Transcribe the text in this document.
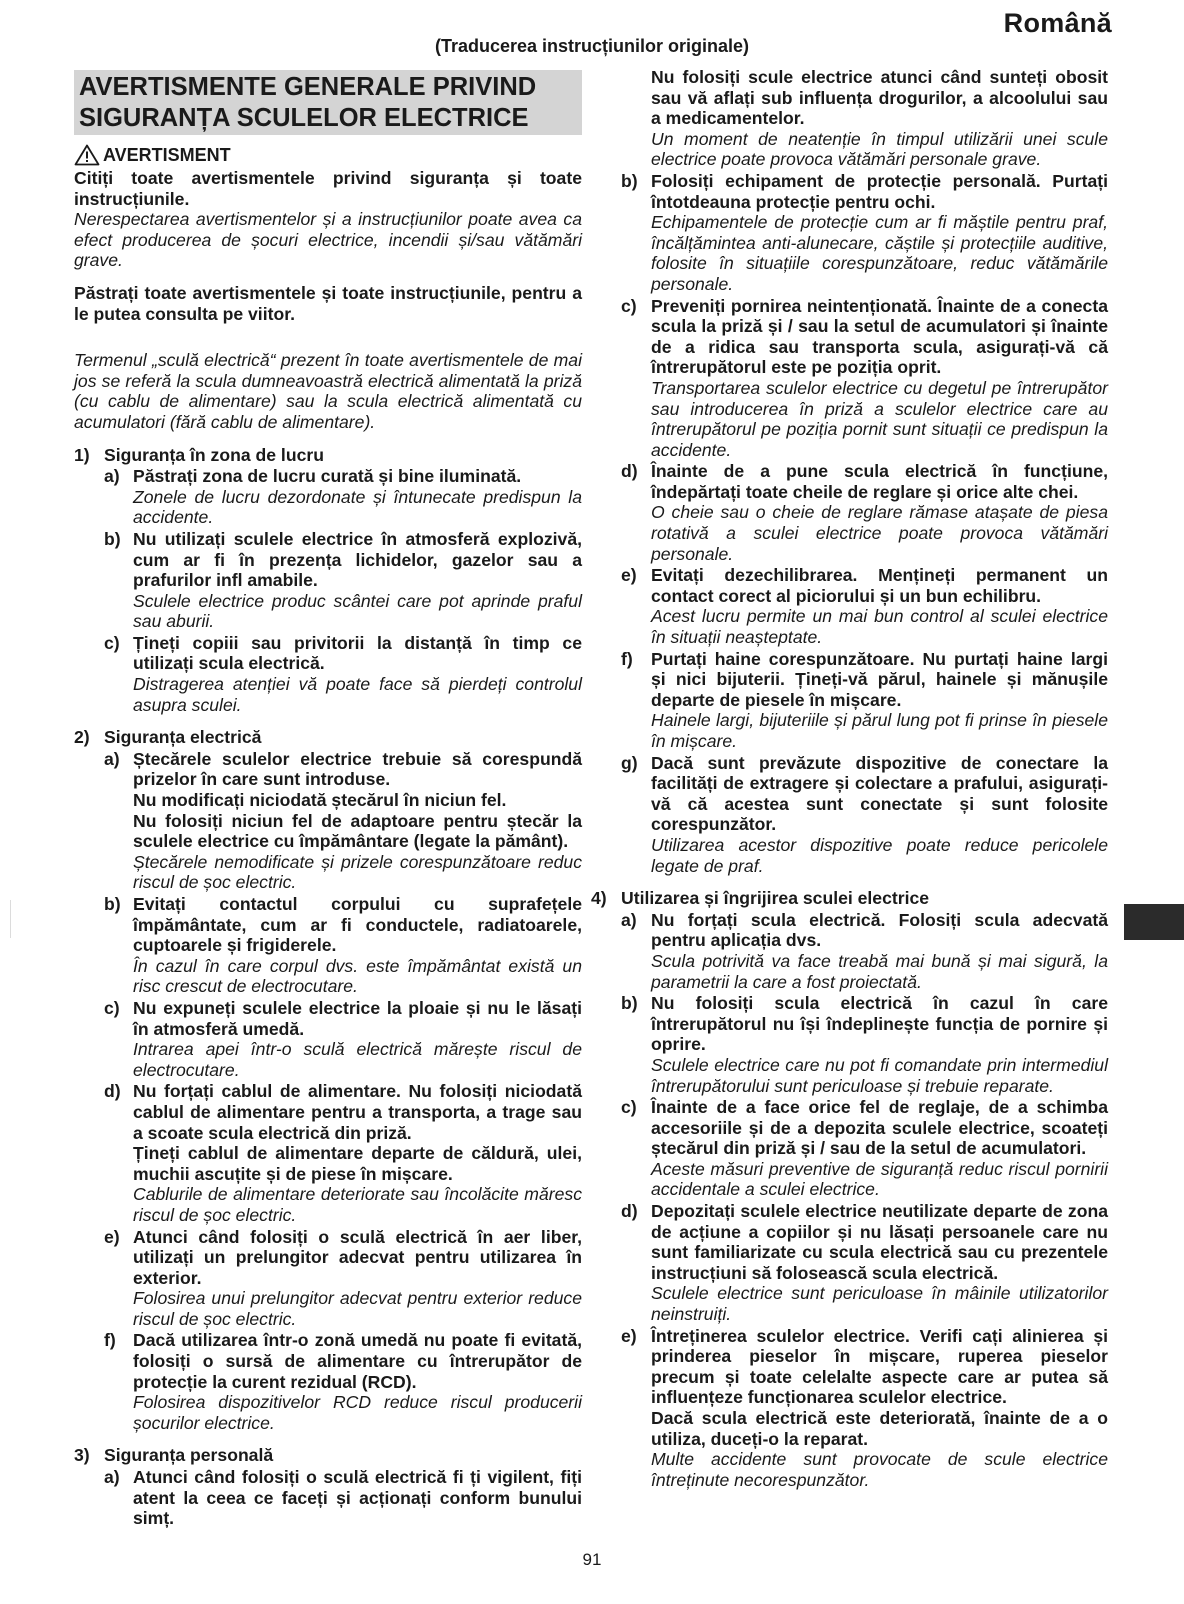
Română
(Traducerea instrucțiunilor originale)
AVERTISMENTE GENERALE PRIVIND
SIGURANȚA SCULELOR ELECTRICE
AVERTISMENT

Citiți toate avertismentele privind siguranța și toate instrucțiunile.

Nerespectarea avertismentelor și a instrucțiunilor poate avea ca efect producerea de șocuri electrice, incendii și/sau vătămări grave.

Păstrați toate avertismentele și toate instrucțiunile, pentru a le putea consulta pe viitor.

Termenul „sculă electrică“ prezent în toate avertismentele de mai jos se referă la scula dumneavoastră electrică alimentată la priză (cu cablu de alimentare) sau la scula electrică alimentată cu acumulatori (fără cablu de alimentare).

1) Siguranța în zona de lucru
a) Păstrați zona de lucru curată și bine iluminată.

Zonele de lucru dezordonate și întunecate predispun la accidente.

b) Nu utilizați sculele electrice în atmosferă explozivă, cum ar fi în prezența lichidelor, gazelor sau a prafurilor infl amabile.

Sculele electrice produc scântei care pot aprinde praful sau aburii.

c) Țineți copiii sau privitorii la distanță în timp ce utilizați scula electrică.

Distragerea atenției vă poate face să pierdeți controlul asupra sculei.

2) Siguranța electrică
a) Ștecărele sculelor electrice trebuie să corespundă prizelor în care sunt introduse.

Nu modificați niciodată ștecărul în niciun fel.

Nu folosiți niciun fel de adaptoare pentru ștecăr la sculele electrice cu împământare (legate la pământ).

Ștecărele nemodificate și prizele corespunzătoare reduc riscul de șoc electric.

b) Evitați contactul corpului cu suprafețele împământate, cum ar fi conductele, radiatoarele, cuptoarele și frigiderele.

În cazul în care corpul dvs. este împământat există un risc crescut de electrocutare.

c) Nu expuneți sculele electrice la ploaie și nu le lăsați în atmosferă umedă.

Intrarea apei într-o sculă electrică mărește riscul de electrocutare.

d) Nu forțați cablul de alimentare. Nu folosiți niciodată cablul de alimentare pentru a transporta, a trage sau a scoate scula electrică din priză.

Țineți cablul de alimentare departe de căldură, ulei, muchii ascuțite și de piese în mișcare.

Cablurile de alimentare deteriorate sau încolăcite măresc riscul de șoc electric.

e) Atunci când folosiți o sculă electrică în aer liber, utilizați un prelungitor adecvat pentru utilizarea în exterior.

Folosirea unui prelungitor adecvat pentru exterior reduce riscul de șoc electric.

f) Dacă utilizarea într-o zonă umedă nu poate fi evitată, folosiți o sursă de alimentare cu întrerupător de protecție la curent rezidual (RCD).

Folosirea dispozitivelor RCD reduce riscul producerii șocurilor electrice.

3) Siguranța personală
a) Atunci când folosiți o sculă electrică fi ți vigilent, fiți atent la ceea ce faceți și acționați conform bunului simț.

Nu folosiți scule electrice atunci când sunteți obosit sau vă aflați sub influența drogurilor, a alcoolului sau a medicamentelor.

Un moment de neatenție în timpul utilizării unei scule electrice poate provoca vătămări personale grave.

b) Folosiți echipament de protecție personală. Purtați întotdeauna protecție pentru ochi.

Echipamentele de protecție cum ar fi măștile pentru praf, încălțămintea anti-alunecare, căștile și protecțiile auditive, folosite în situațiile corespunzătoare, reduc vătămările personale.

c) Preveniți pornirea neintenționată. Înainte de a conecta scula la priză și / sau la setul de acumulatori și înainte de a ridica sau transporta scula, asigurați-vă că întrerupătorul este pe poziția oprit.

Transportarea sculelor electrice cu degetul pe întrerupător sau introducerea în priză a sculelor electrice care au întrerupătorul pe poziția pornit sunt situații ce predispun la accidente.

d) Înainte de a pune scula electrică în funcțiune, îndepărtați toate cheile de reglare și orice alte chei.

O cheie sau o cheie de reglare rămase atașate de piesa rotativă a sculei electrice poate provoca vătămări personale.

e) Evitați dezechilibrarea. Mențineți permanent un contact corect al piciorului și un bun echilibru.

Acest lucru permite un mai bun control al sculei electrice în situații neașteptate.

f)	Purtați haine corespunzătoare. Nu purtați haine largi și nici bijuterii. Țineți-vă părul, hainele și mănușile departe de piesele în mișcare.

Hainele largi, bijuteriile și părul lung pot fi prinse în piesele în mișcare.

g) Dacă sunt prevăzute dispozitive de conectare la facilități de extragere și colectare a prafului, asigurați-vă că acestea sunt conectate și sunt folosite corespunzător.

Utilizarea acestor dispozitive poate reduce pericolele legate de praf.

4) Utilizarea și îngrijirea sculei electrice
a) Nu forțați scula electrică. Folosiți scula adecvată pentru aplicația dvs.

Scula potrivită va face treabă mai bună și mai sigură, la parametrii la care a fost proiectată.

b) Nu folosiți scula electrică în cazul în care întrerupătorul nu își îndeplinește funcția de pornire și oprire.

Sculele electrice care nu pot fi comandate prin intermediul întrerupătorului sunt periculoase și trebuie reparate.

c) Înainte de a face orice fel de reglaje, de a schimba accesoriile și de a depozita sculele electrice, scoateți ștecărul din priză și / sau de la setul de acumulatori.

Aceste măsuri preventive de siguranță reduc riscul pornirii accidentale a sculei electrice.

d) Depozitați sculele electrice neutilizate departe de zona de acțiune a copiilor și nu lăsați persoanele care nu sunt familiarizate cu scula electrică sau cu prezentele instrucțiuni să folosească scula electrică.

Sculele electrice sunt periculoase în mâinile utilizatorilor neinstruiți.

e) Întreținerea sculelor electrice. Verifi cați alinierea și prinderea pieselor în mișcare, ruperea pieselor precum și toate celelalte aspecte care ar putea să influențeze funcționarea sculelor electrice.

Dacă scula electrică este deteriorată, înainte de a o utiliza, duceți-o la reparat.

Multe accidente sunt provocate de scule electrice întreținute necorespunzător.

91
